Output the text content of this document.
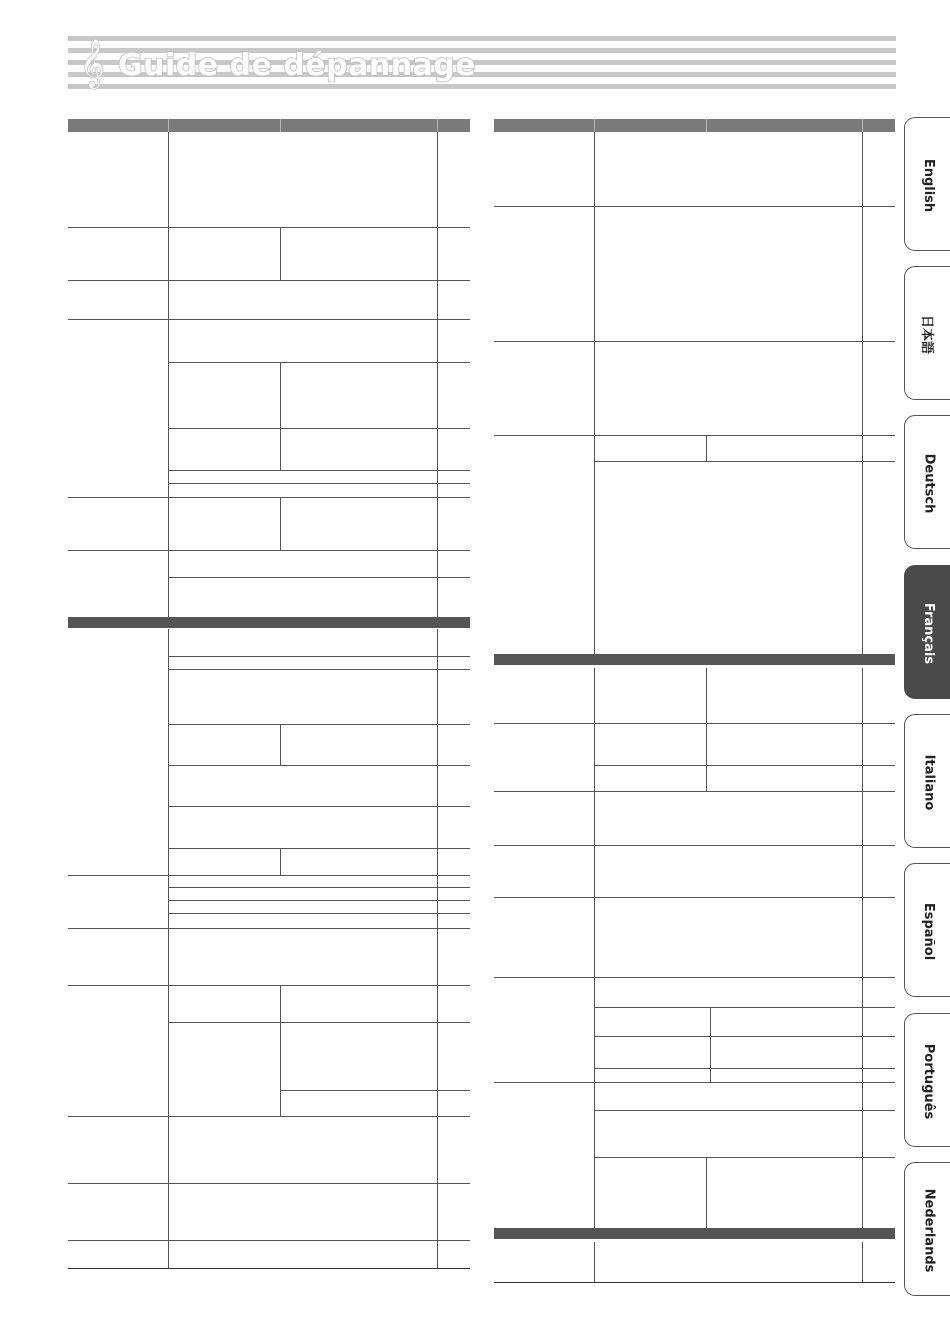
𝄞 Guide de dépannage
English
日本語
Deutsch
Français
Italiano
Español
Português
Nederlands
